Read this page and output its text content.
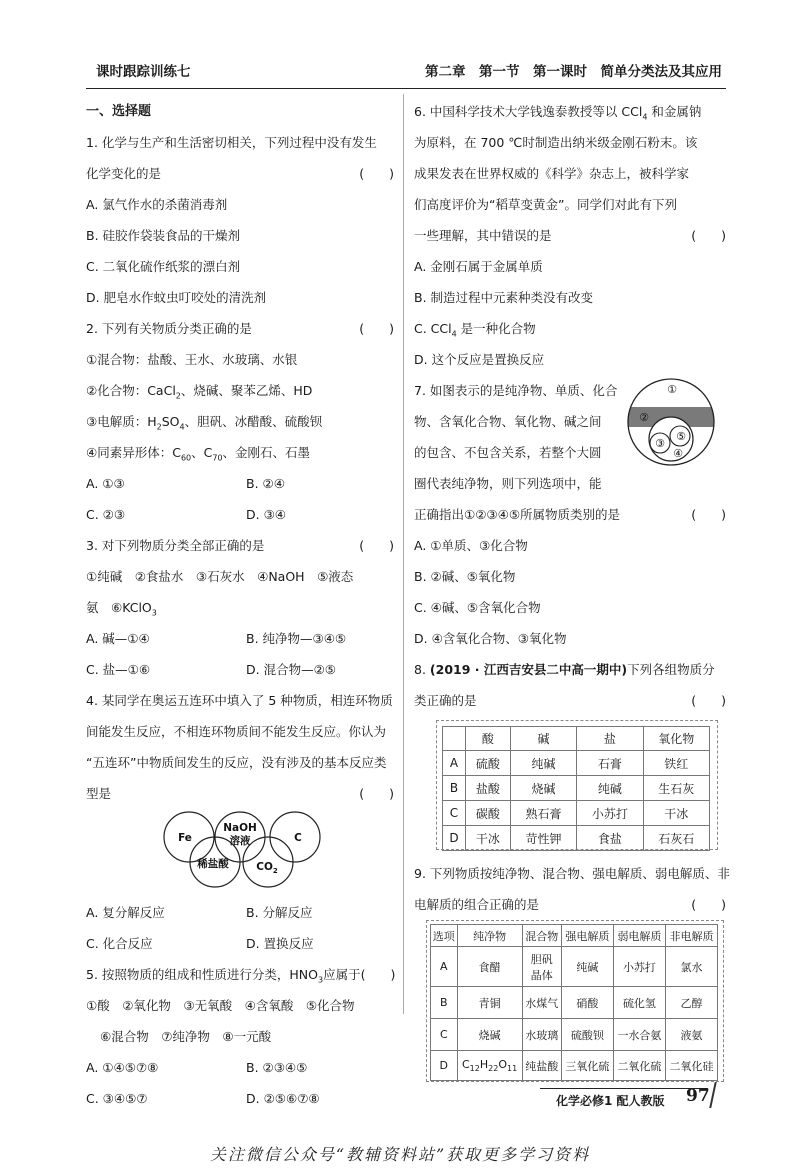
课时跟踪训练七	第二章　第一节　第一课时　简单分类法及其应用
一、选择题
1. 化学与生产和生活密切相关，下列过程中没有发生
化学变化的是	(　　)
A. 氯气作水的杀菌消毒剂
B. 硅胶作袋装食品的干燥剂
C. 二氧化硫作纸浆的漂白剂
D. 肥皂水作蚊虫叮咬处的清洗剂
2. 下列有关物质分类正确的是	(　　)
①混合物：盐酸、王水、水玻璃、水银
②化合物：CaCl$_2$、烧碱、聚苯乙烯、HD
③电解质：$H_2SO_4$、胆矾、冰醋酸、硫酸钡
④同素异形体：$C_{60}$、$C_{70}$、金刚石、石墨
A. ①③	B. ②④
C. ②③	D. ③④
3. 对下列物质分类全部正确的是	(　　)
①纯碱　②食盐水　③石灰水　④NaOH　⑤液态
氨　⑥KClO$_3$
A. 碱—①④	B. 纯净物—③④⑤
C. 盐—①⑥	D. 混合物—②⑤
4. 某同学在奥运五连环中填入了 5 种物质，相连环物质
间能发生反应，不相连环物质间不能发生反应。你认为
“五连环”中物质间发生的反应，没有涉及的基本反应类
型是	(　　)
Fe
NaOH
溶液	C
稀盐酸	$CO_2$
A. 复分解反应	B. 分解反应
C. 化合反应	D. 置换反应
5. 按照物质的组成和性质进行分类，$HNO_3$应属于(　　)
①酸　②氧化物　③无氧酸　④含氧酸　⑤化合物
⑥混合物　⑦纯净物　⑧一元酸
A. ①④⑤⑦⑧	B. ②③④⑤
C. ③④⑤⑦	D. ②⑤⑥⑦⑧
6. 中国科学技术大学钱逸泰教授等以 CCl$_4$ 和金属钠
为原料，在 700 ℃时制造出纳米级金刚石粉末。该
成果发表在世界权威的《科学》杂志上，被科学家
们高度评价为“稻草变黄金”。同学们对此有下列
一些理解，其中错误的是	(　　)
A. 金刚石属于金属单质
B. 制造过程中元素种类没有改变
C. CCl$_4$ 是一种化合物
D. 这个反应是置换反应
7. 如图表示的是纯净物、单质、化合
物、含氧化合物、氧化物、碱之间
的包含、不包含关系，若整个大圆
圈代表纯净物，则下列选项中，能
正确指出①②③④⑤所属物质类别的是	(　　)
①
②
③
④
⑤
A. ①单质、③化合物
B. ②碱、⑤氧化物
C. ④碱、⑤含氧化合物
D. ④含氧化合物、③氧化物
8. (2019 · 江西吉安县二中高一期中)下列各组物质分
类正确的是	(　　)
	酸	碱	盐	氧化物
A	硫酸	纯碱	石膏	铁红
B	盐酸	烧碱	纯碱	生石灰
C	碳酸	熟石膏	小苏打	干冰
D	干冰	苛性钾	食盐	石灰石
9. 下列物质按纯净物、混合物、强电解质、弱电解质、非
电解质的组合正确的是	(　　)
选项	纯净物	混合物	强电解质	弱电解质	非电解质
A	食醋	胆矾
晶体	纯碱	小苏打	氯水
B	青铜	水煤气	硝酸	硫化氢	乙醇
C	烧碱	水玻璃	硫酸钡	一水合氨	液氨
D	$C_{12}H_{22}O_{11}$	纯盐酸	三氧化硫	二氧化硫	二氧化硅
化学必修1 配人教版 97
关注微信公众号“教辅资料站”获取更多学习资料
